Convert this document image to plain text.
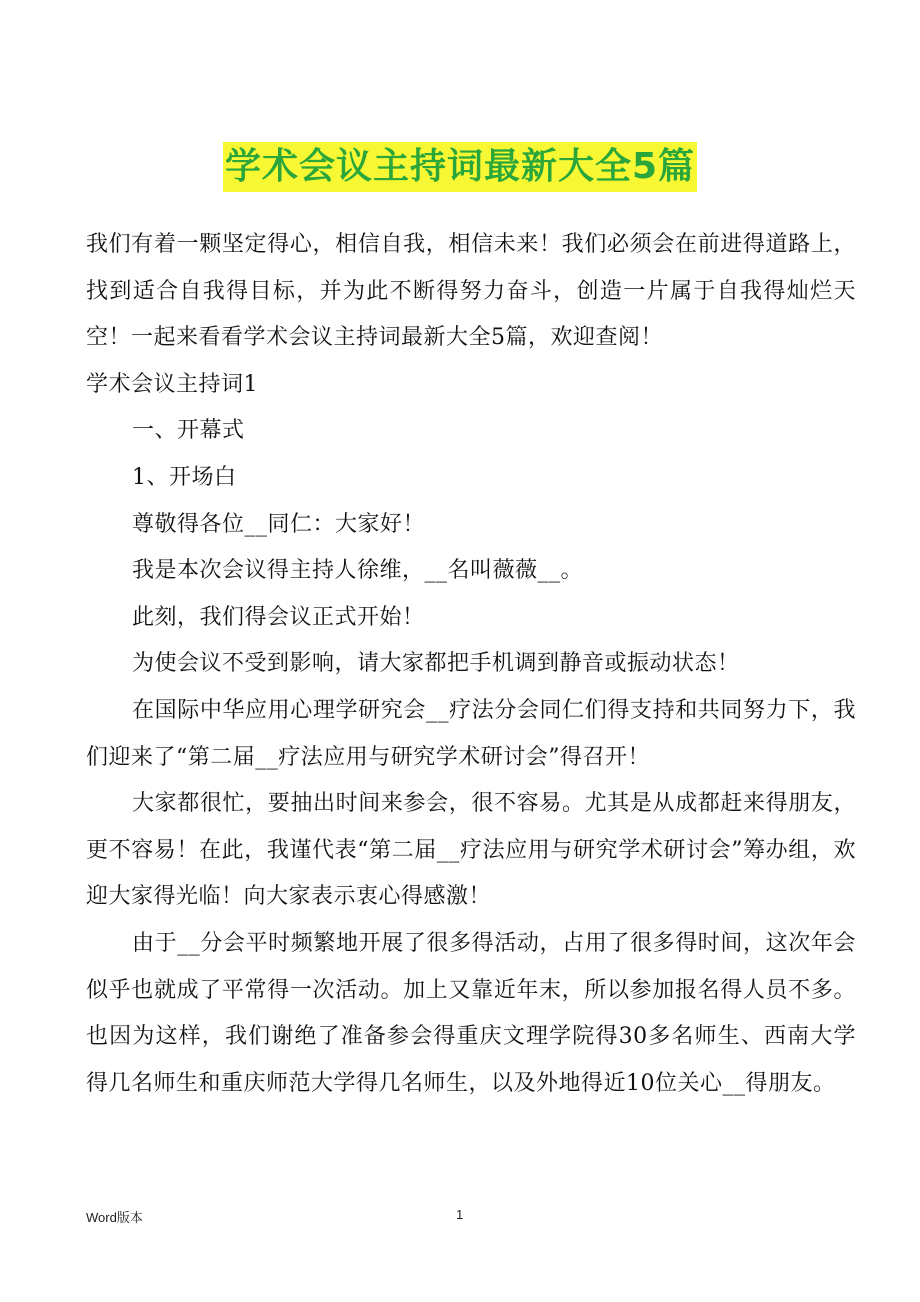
学术会议主持词最新大全5篇

我们有着一颗坚定得心，相信自我，相信未来！我们必须会在前进得道路上，找到适合自我得目标，并为此不断得努力奋斗，创造一片属于自我得灿烂天空！一起来看看学术会议主持词最新大全5篇，欢迎查阅！

学术会议主持词1

一、开幕式

1、开场白

尊敬得各位__同仁：大家好！

我是本次会议得主持人徐维，__名叫薇薇__。

此刻，我们得会议正式开始！

为使会议不受到影响，请大家都把手机调到静音或振动状态！

在国际中华应用心理学研究会__疗法分会同仁们得支持和共同努力下，我们迎来了“第二届__疗法应用与研究学术研讨会”得召开！

大家都很忙，要抽出时间来参会，很不容易。尤其是从成都赶来得朋友，更不容易！在此，我谨代表“第二届__疗法应用与研究学术研讨会”筹办组，欢迎大家得光临！向大家表示衷心得感激！

由于__分会平时频繁地开展了很多得活动，占用了很多得时间，这次年会似乎也就成了平常得一次活动。加上又靠近年末，所以参加报名得人员不多。也因为这样，我们谢绝了准备参会得重庆文理学院得30多名师生、西南大学得几名师生和重庆师范大学得几名师生，以及外地得近10位关心__得朋友。

Word版本	1
